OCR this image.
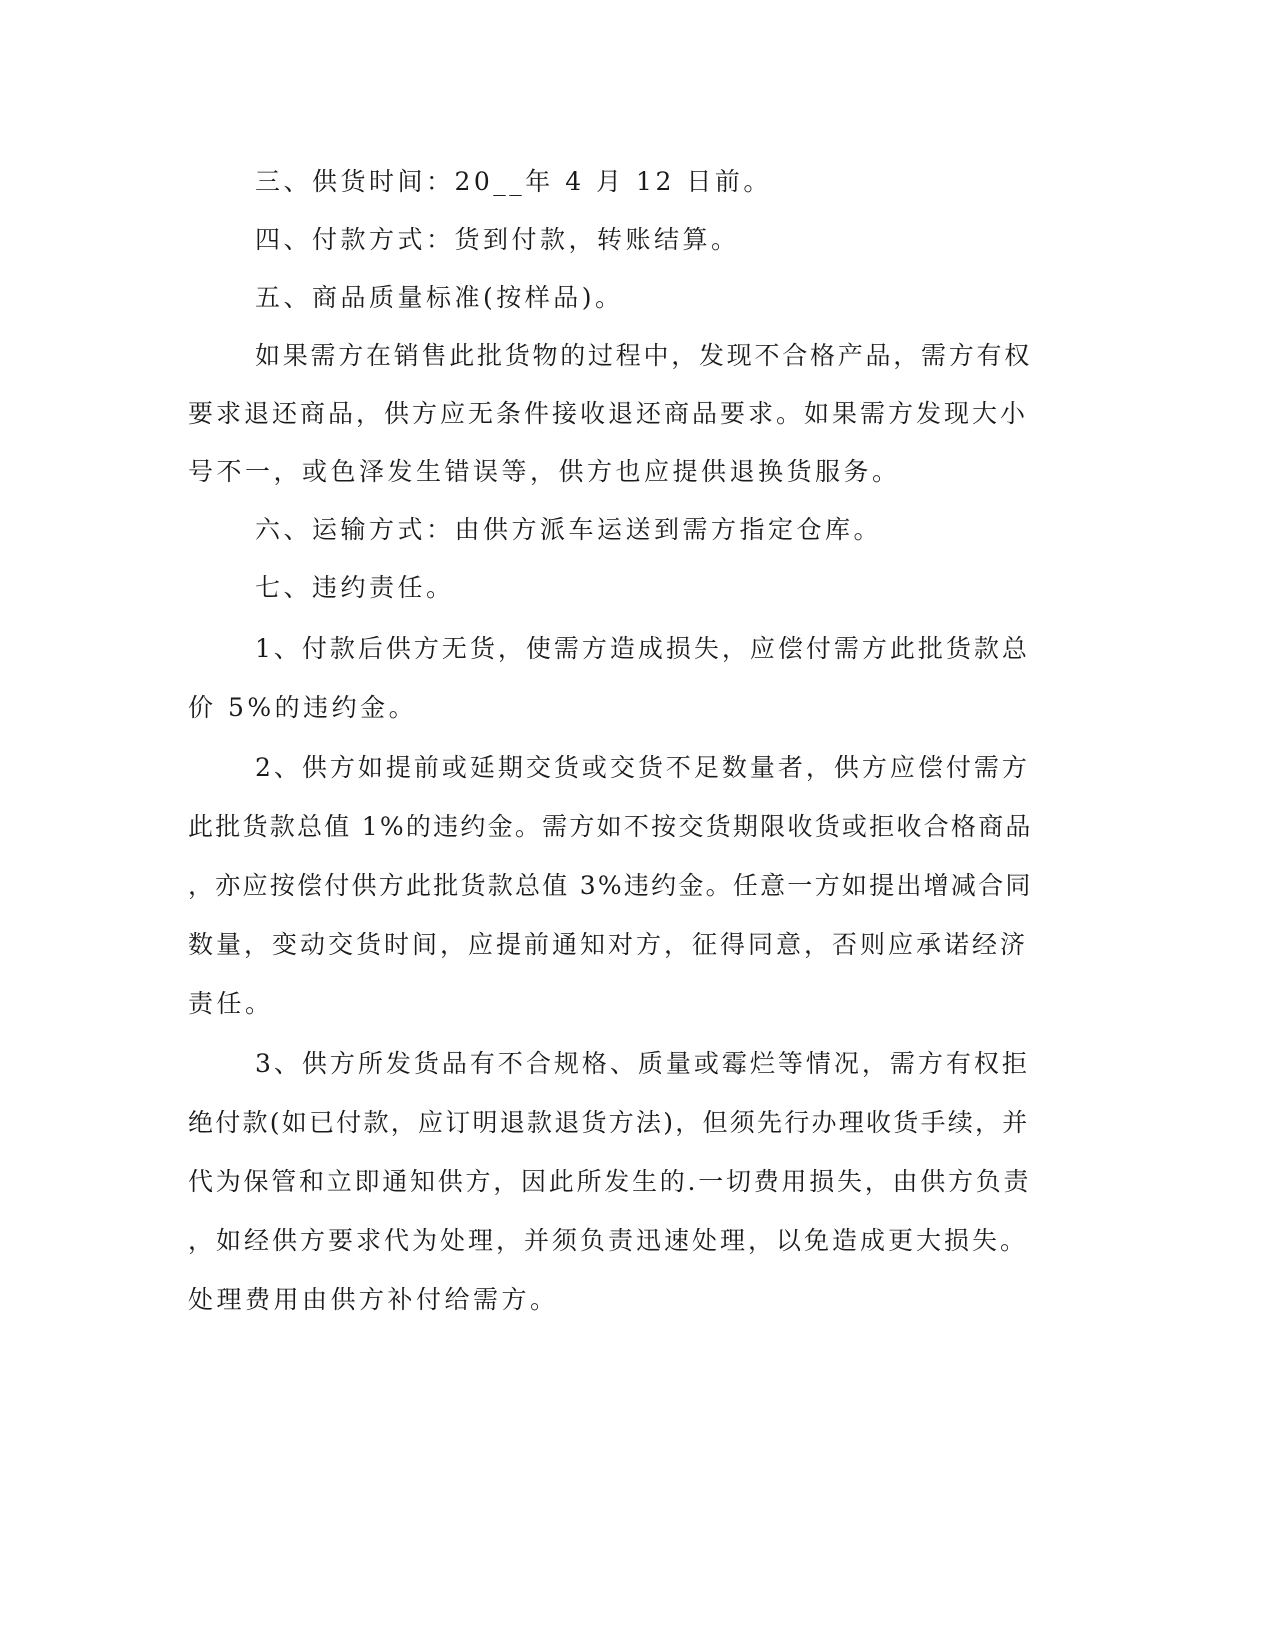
三、供货时间：20__年 4 月 12 日前。
四、付款方式：货到付款，转账结算。
五、商品质量标准(按样品)。
如果需方在销售此批货物的过程中，发现不合格产品，需方有权
要求退还商品，供方应无条件接收退还商品要求。如果需方发现大小
号不一，或色泽发生错误等，供方也应提供退换货服务。
六、运输方式：由供方派车运送到需方指定仓库。
七、违约责任。
1、付款后供方无货，使需方造成损失，应偿付需方此批货款总
价 5%的违约金。
2、供方如提前或延期交货或交货不足数量者，供方应偿付需方
此批货款总值 1%的违约金。需方如不按交货期限收货或拒收合格商品
，亦应按偿付供方此批货款总值 3%违约金。任意一方如提出增减合同
数量，变动交货时间，应提前通知对方，征得同意，否则应承诺经济
责任。
3、供方所发货品有不合规格、质量或霉烂等情况，需方有权拒
绝付款(如已付款，应订明退款退货方法)，但须先行办理收货手续，并
代为保管和立即通知供方，因此所发生的.一切费用损失，由供方负责
，如经供方要求代为处理，并须负责迅速处理，以免造成更大损失。
处理费用由供方补付给需方。
